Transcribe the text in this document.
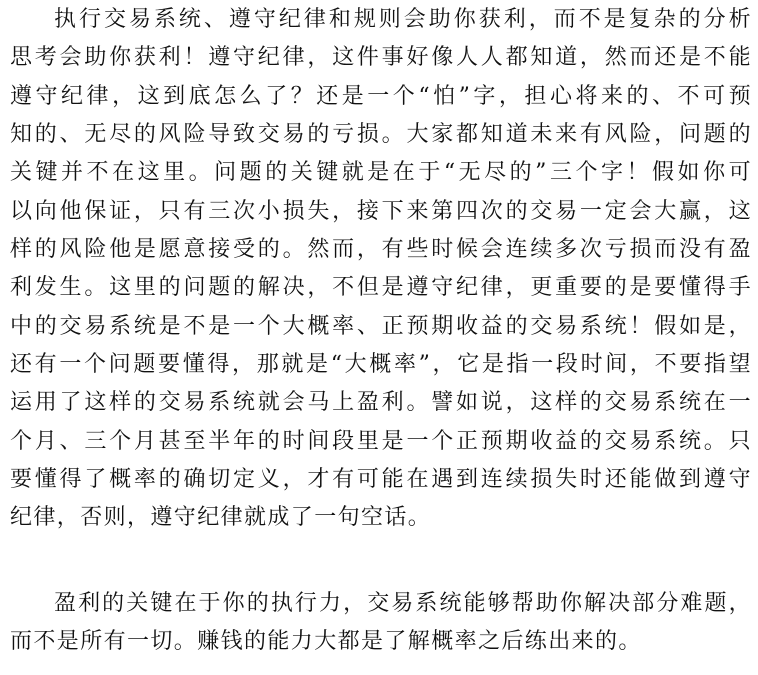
执行交易系统、遵守纪律和规则会助你获利，而不是复杂的分析
思考会助你获利！遵守纪律，这件事好像人人都知道，然而还是不能
遵守纪律，这到底怎么了？还是一个“怕”字，担心将来的、不可预
知的、无尽的风险导致交易的亏损。大家都知道未来有风险，问题的
关键并不在这里。问题的关键就是在于“无尽的”三个字！假如你可
以向他保证，只有三次小损失，接下来第四次的交易一定会大赢，这
样的风险他是愿意接受的。然而，有些时候会连续多次亏损而没有盈
利发生。这里的问题的解决，不但是遵守纪律，更重要的是要懂得手
中的交易系统是不是一个大概率、正预期收益的交易系统！假如是，
还有一个问题要懂得，那就是“大概率”，它是指一段时间，不要指望
运用了这样的交易系统就会马上盈利。譬如说，这样的交易系统在一
个月、三个月甚至半年的时间段里是一个正预期收益的交易系统。只
要懂得了概率的确切定义，才有可能在遇到连续损失时还能做到遵守
纪律，否则，遵守纪律就成了一句空话。
盈利的关键在于你的执行力，交易系统能够帮助你解决部分难题，
而不是所有一切。赚钱的能力大都是了解概率之后练出来的。
